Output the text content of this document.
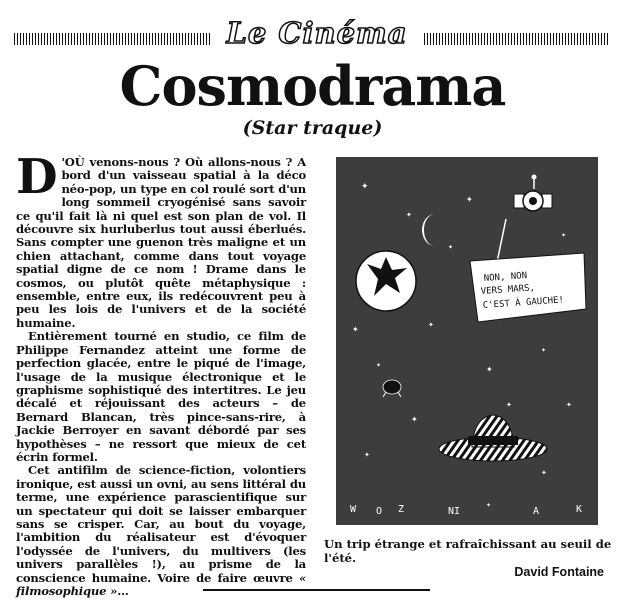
Le Cinéma
Cosmodrama
(Star traque)

D 'OÙ venons-nous ? Où allons-nous ? A bord d'un vaisseau spatial à la déco néo-pop, un type en col roulé sort d'un long sommeil cryogénisé sans savoir ce qu'il fait là ni quel est son plan de vol. Il découvre six hurluberlus tout aussi éberlués. Sans compter une guenon très maligne et un chien attachant, comme dans tout voyage spatial digne de ce nom ! Drame dans le cosmos, ou plutôt quête métaphysique : ensemble, entre eux, ils redécouvrent peu à peu les lois de l'univers et de la société humaine.

Entièrement tourné en studio, ce film de Philippe Fernandez atteint une forme de perfection glacée, entre le piqué de l'image, l'usage de la musique électronique et le graphisme sophistiqué des intertitres. Le jeu décalé et réjouissant des acteurs – de Bernard Blancan, très pince-sans-rire, à Jackie Berroyer en savant débordé par ses hypothèses – ne ressort que mieux de cet écrin formel.

Cet antifilm de science-fiction, volontiers ironique, est aussi un ovni, au sens littéral du terme, une expérience parascientifique sur un spectateur qui doit se laisser embarquer sans se crisper. Car, au bout du voyage, l'ambition du réalisateur est d'évoquer l'odyssée de l'univers, du multivers (les univers parallèles !), au prisme de la conscience humaine. Voire de faire œuvre « filmosophique »…

✦
✦
✦
✦
✦	✦
✦	✦
✦
✦
✦
✦
✦
✦
✦
✦
NON, NON
VERS MARS,
C'EST À GAUCHE!
W O Z	NI	A	K
Un trip étrange et rafraîchissant au seuil de l'été.
David Fontaine
